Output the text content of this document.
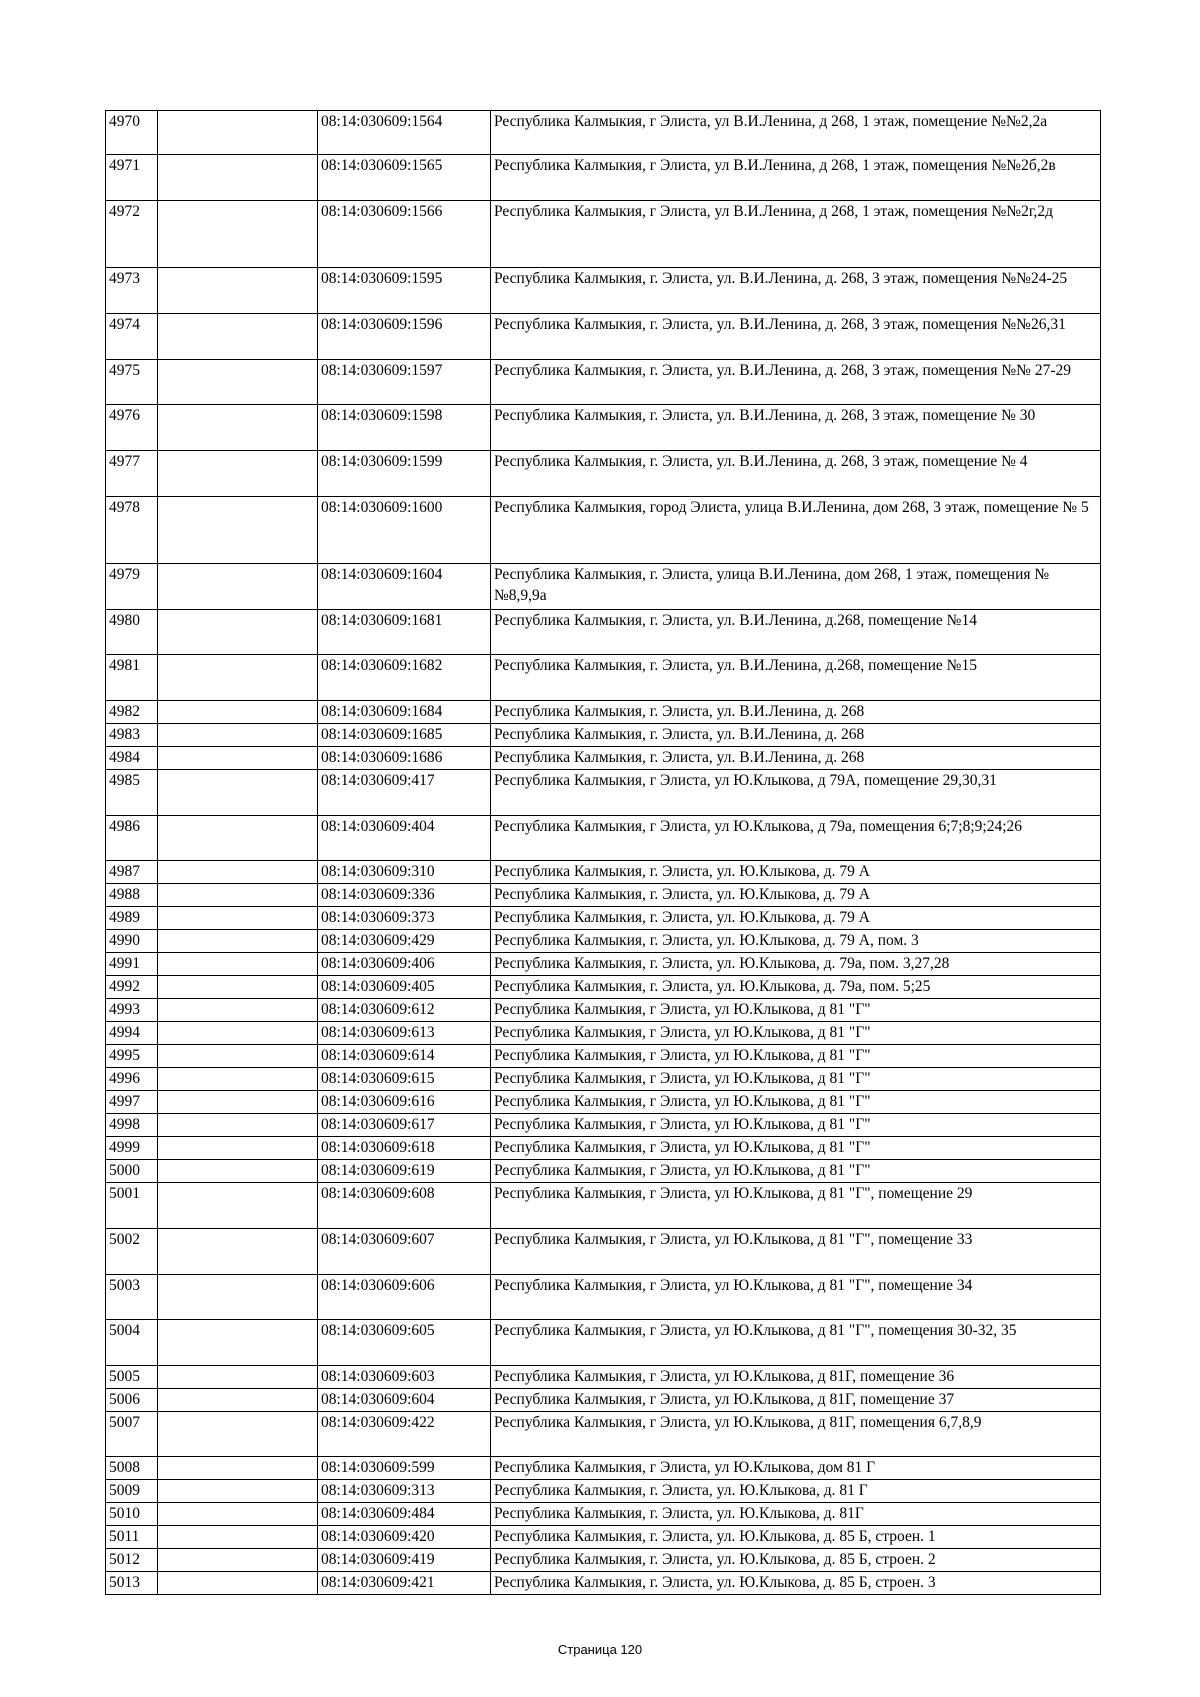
4970		08:14:030609:1564	Республика Калмыкия, г Элиста, ул В.И.Ленина, д 268, 1 этаж, помещение №№2,2а
4971		08:14:030609:1565	Республика Калмыкия, г Элиста, ул В.И.Ленина, д 268, 1 этаж, помещения №№2б,2в
4972		08:14:030609:1566	Республика Калмыкия, г Элиста, ул В.И.Ленина, д 268, 1 этаж, помещения №№2г,2д
4973		08:14:030609:1595	Республика Калмыкия, г. Элиста, ул. В.И.Ленина, д. 268, 3 этаж, помещения №№24-25
4974		08:14:030609:1596	Республика Калмыкия, г. Элиста, ул. В.И.Ленина, д. 268, 3 этаж, помещения №№26,31
4975		08:14:030609:1597	Республика Калмыкия, г. Элиста, ул. В.И.Ленина, д. 268, 3 этаж, помещения №№ 27-29
4976		08:14:030609:1598	Республика Калмыкия, г. Элиста, ул. В.И.Ленина, д. 268, 3 этаж, помещение № 30
4977		08:14:030609:1599	Республика Калмыкия, г. Элиста, ул. В.И.Ленина, д. 268, 3 этаж, помещение № 4
4978		08:14:030609:1600	Республика Калмыкия, город Элиста, улица В.И.Ленина, дом 268, 3 этаж, помещение № 5
4979		08:14:030609:1604	Республика Калмыкия, г. Элиста, улица В.И.Ленина, дом 268, 1 этаж, помещения №№8,9,9а
4980		08:14:030609:1681	Республика Калмыкия, г. Элиста, ул. В.И.Ленина, д.268, помещение №14
4981		08:14:030609:1682	Республика Калмыкия, г. Элиста, ул. В.И.Ленина, д.268, помещение №15
4982		08:14:030609:1684	Республика Калмыкия, г. Элиста, ул. В.И.Ленина, д. 268
4983		08:14:030609:1685	Республика Калмыкия, г. Элиста, ул. В.И.Ленина, д. 268
4984		08:14:030609:1686	Республика Калмыкия, г. Элиста, ул. В.И.Ленина, д. 268
4985		08:14:030609:417	Республика Калмыкия, г Элиста, ул Ю.Клыкова, д 79А, помещение 29,30,31
4986		08:14:030609:404	Республика Калмыкия, г Элиста, ул Ю.Клыкова, д 79а, помещения 6;7;8;9;24;26
4987		08:14:030609:310	Республика Калмыкия, г. Элиста, ул. Ю.Клыкова, д. 79 А
4988		08:14:030609:336	Республика Калмыкия, г. Элиста, ул. Ю.Клыкова, д. 79 А
4989		08:14:030609:373	Республика Калмыкия, г. Элиста, ул. Ю.Клыкова, д. 79 А
4990		08:14:030609:429	Республика Калмыкия, г. Элиста, ул. Ю.Клыкова, д. 79 А, пом. 3
4991		08:14:030609:406	Республика Калмыкия, г. Элиста, ул. Ю.Клыкова, д. 79а, пом. 3,27,28
4992		08:14:030609:405	Республика Калмыкия, г. Элиста, ул. Ю.Клыкова, д. 79а, пом. 5;25
4993		08:14:030609:612	Республика Калмыкия, г Элиста, ул Ю.Клыкова, д 81 "Г"
4994		08:14:030609:613	Республика Калмыкия, г Элиста, ул Ю.Клыкова, д 81 "Г"
4995		08:14:030609:614	Республика Калмыкия, г Элиста, ул Ю.Клыкова, д 81 "Г"
4996		08:14:030609:615	Республика Калмыкия, г Элиста, ул Ю.Клыкова, д 81 "Г"
4997		08:14:030609:616	Республика Калмыкия, г Элиста, ул Ю.Клыкова, д 81 "Г"
4998		08:14:030609:617	Республика Калмыкия, г Элиста, ул Ю.Клыкова, д 81 "Г"
4999		08:14:030609:618	Республика Калмыкия, г Элиста, ул Ю.Клыкова, д 81 "Г"
5000		08:14:030609:619	Республика Калмыкия, г Элиста, ул Ю.Клыкова, д 81 "Г"
5001		08:14:030609:608	Республика Калмыкия, г Элиста, ул Ю.Клыкова, д 81 "Г", помещение 29
5002		08:14:030609:607	Республика Калмыкия, г Элиста, ул Ю.Клыкова, д 81 "Г", помещение 33
5003		08:14:030609:606	Республика Калмыкия, г Элиста, ул Ю.Клыкова, д 81 "Г", помещение 34
5004		08:14:030609:605	Республика Калмыкия, г Элиста, ул Ю.Клыкова, д 81 "Г", помещения 30-32, 35
5005		08:14:030609:603	Республика Калмыкия, г Элиста, ул Ю.Клыкова, д 81Г, помещение 36
5006		08:14:030609:604	Республика Калмыкия, г Элиста, ул Ю.Клыкова, д 81Г, помещение 37
5007		08:14:030609:422	Республика Калмыкия, г Элиста, ул Ю.Клыкова, д 81Г, помещения 6,7,8,9
5008		08:14:030609:599	Республика Калмыкия, г Элиста, ул Ю.Клыкова, дом 81 Г
5009		08:14:030609:313	Республика Калмыкия, г. Элиста, ул. Ю.Клыкова, д. 81 Г
5010		08:14:030609:484	Республика Калмыкия, г. Элиста, ул. Ю.Клыкова, д. 81Г
5011		08:14:030609:420	Республика Калмыкия, г. Элиста, ул. Ю.Клыкова, д. 85 Б, строен. 1
5012		08:14:030609:419	Республика Калмыкия, г. Элиста, ул. Ю.Клыкова, д. 85 Б, строен. 2
5013		08:14:030609:421	Республика Калмыкия, г. Элиста, ул. Ю.Клыкова, д. 85 Б, строен. 3
Страница 120
